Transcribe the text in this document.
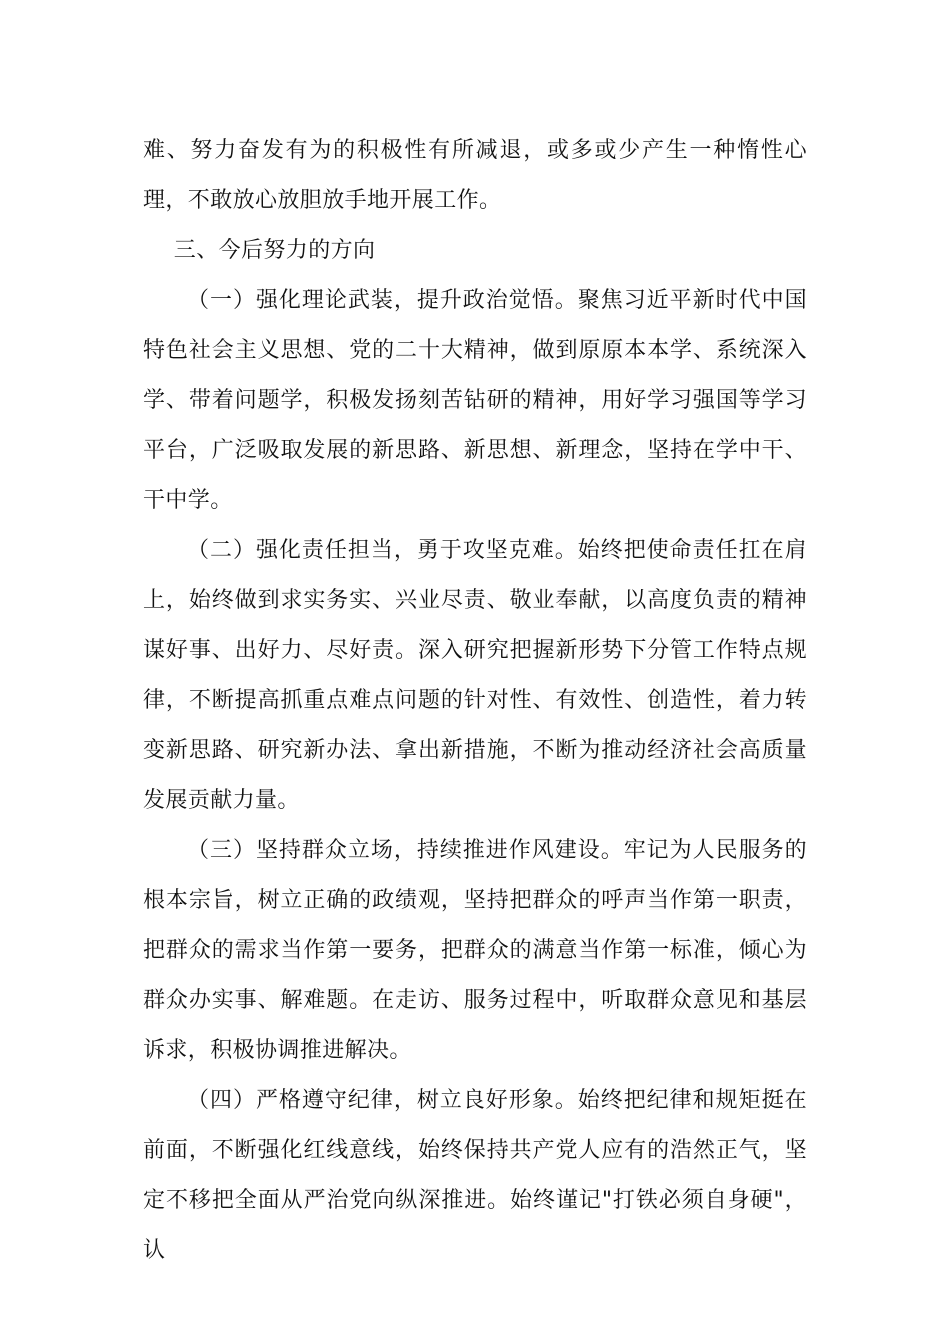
难、努力奋发有为的积极性有所减退，或多或少产生一种惰性心理，不敢放心放胆放手地开展工作。

三、今后努力的方向

（一）强化理论武装，提升政治觉悟。聚焦习近平新时代中国特色社会主义思想、党的二十大精神，做到原原本本学、系统深入学、带着问题学，积极发扬刻苦钻研的精神，用好学习强国等学习平台，广泛吸取发展的新思路、新思想、新理念，坚持在学中干、干中学。

（二）强化责任担当，勇于攻坚克难。始终把使命责任扛在肩上，始终做到求实务实、兴业尽责、敬业奉献，以高度负责的精神谋好事、出好力、尽好责。深入研究把握新形势下分管工作特点规律，不断提高抓重点难点问题的针对性、有效性、创造性，着力转变新思路、研究新办法、拿出新措施，不断为推动经济社会高质量发展贡献力量。

（三）坚持群众立场，持续推进作风建设。牢记为人民服务的根本宗旨，树立正确的政绩观，坚持把群众的呼声当作第一职责，把群众的需求当作第一要务，把群众的满意当作第一标准，倾心为群众办实事、解难题。在走访、服务过程中，听取群众意见和基层诉求，积极协调推进解决。

（四）严格遵守纪律，树立良好形象。始终把纪律和规矩挺在前面，不断强化红线意线，始终保持共产党人应有的浩然正气，坚定不移把全面从严治党向纵深推进。始终谨记"打铁必须自身硬"，认
